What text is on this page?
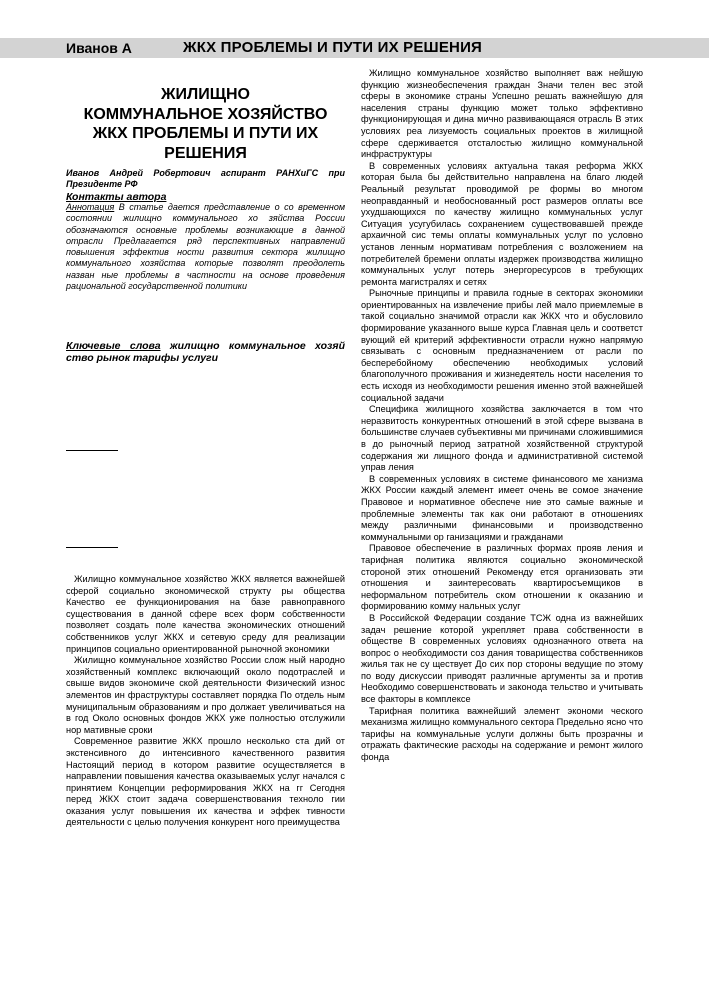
Иванов А	ЖКХ ПРОБЛЕМЫ И ПУТИ ИХ РЕШЕНИЯ
ЖИЛИЩНО
КОММУНАЛЬНОЕ ХОЗЯЙСТВО
ЖКХ ПРОБЛЕМЫ И ПУТИ ИХ
РЕШЕНИЯ
Иванов Андрей Робертович аспирант РАНХиГС при Президенте РФ
Контакты автора
Аннотация В статье дается представление о со временном состоянии жилищно коммунального хо зяйства России обозначаются основные проблемы возникающие в данной отрасли Предлагается ряд перспективных направлений повышения эффектив ности развития сектора жилищно коммунального хозяйства которые позволят преодолеть назван ные проблемы в частности на основе проведения рациональной государственной политики
Ключевые слова жилищно коммунальное хозяй ство рынок тарифы услуги

Жилищно коммунальное хозяйство ЖКХ является важнейшей сферой социально экономической структу ры общества Качество ее функционирования на базе равноправного существования в данной сфере всех форм собственности позволяет создать поле качества экономических отношений собственников услуг ЖКХ и сетевую среду для реализации принципов социально ориентированной рыночной экономики

Жилищно коммунальное хозяйство России слож ный народно хозяйственный комплекс включающий около подотраслей и свыше видов экономиче ской деятельности Физический износ элементов ин фраструктуры составляет порядка По отдель ным муниципальным образованиям и про должает увеличиваться на в год Около основных фондов ЖКХ уже полностью отслужили нор мативные сроки

Современное развитие ЖКХ прошло несколько ста дий от экстенсивного до интенсивного качественного развития Настоящий период в котором развитие осуществляется в направлении повышения качества оказываемых услуг начался с принятием Концепции реформирования ЖКХ на гг Сегодня перед ЖКХ стоит задача совершенствования техноло гии оказания услуг повышения их качества и эффек тивности деятельности с целью получения конкурент ного преимущества

Жилищно коммунальное хозяйство выполняет важ нейшую функцию жизнеобеспечения граждан Значи телен вес этой сферы в экономике страны Успешно решать важнейшую для населения страны функцию может только эффективно функционирующая и дина мично развивающаяся отрасль В этих условиях реа лизуемость социальных проектов в жилищной сфере сдерживается отсталостью жилищно коммунальной инфраструктуры

В современных условиях актуальна такая реформа ЖКХ которая была бы действительно направлена на благо людей Реальный результат проводимой ре формы во многом неоправданный и необоснованный рост размеров оплаты все ухудшающихся по качеству жилищно коммунальных услуг Ситуация усугубилась сохранением существовавшей прежде архаичной сис темы оплаты коммунальных услуг по условно установ ленным нормативам потребления с возложением на потребителей бремени оплаты издержек производства жилищно коммунальных услуг потерь энергоресурсов в требующих ремонта магистралях и сетях

Рыночные принципы и правила годные в секторах экономики ориентированных на извлечение прибы лей мало приемлемые в такой социально значимой отрасли как ЖКХ что и обусловило формирование указанного выше курса Главная цель и соответст вующий ей критерий эффективности отрасли нужно напрямую связывать с основным предназначением от расли по бесперебойному обеспечению необходимых условий благополучного проживания и жизнедеятель ности населения то есть исходя из необходимости решения именно этой важнейшей социальной задачи

Специфика жилищного хозяйства заключается в том что неразвитость конкурентных отношений в этой сфере вызвана в большинстве случаев субъективны ми причинами сложившимися в до рыночный период затратной хозяйственной структурой содержания жи лищного фонда и административной системой управ ления

В современных условиях в системе финансового ме ханизма ЖКХ России каждый элемент имеет очень ве сомое значение Правовое и нормативное обеспече ние это самые важные и проблемные элементы так как они работают в отношениях между различными финансовыми и производственно коммунальными ор ганизациями и гражданами

Правовое обеспечение в различных формах прояв ления и тарифная политика являются социально экономической стороной этих отношений Рекоменду ется организовать эти отношения и заинтересовать квартиросъемщиков в неформальном потребитель ском отношении к оказанию и формированию комму нальных услуг

В Российской Федерации создание ТСЖ одна из важнейших задач решение которой укрепляет права собственности в обществе В современных условиях однозначного ответа на вопрос о необходимости соз дания товарищества собственников жилья так не су ществует До сих пор стороны ведущие по этому по воду дискуссии приводят различные аргументы за и против Необходимо совершенствовать и законода тельство и учитывать все факторы в комплексе

Тарифная политика важнейший элемент экономи ческого механизма жилищно коммунального сектора Предельно ясно что тарифы на коммунальные услуги должны быть прозрачны и отражать фактические расходы на содержание и ремонт жилого фонда
